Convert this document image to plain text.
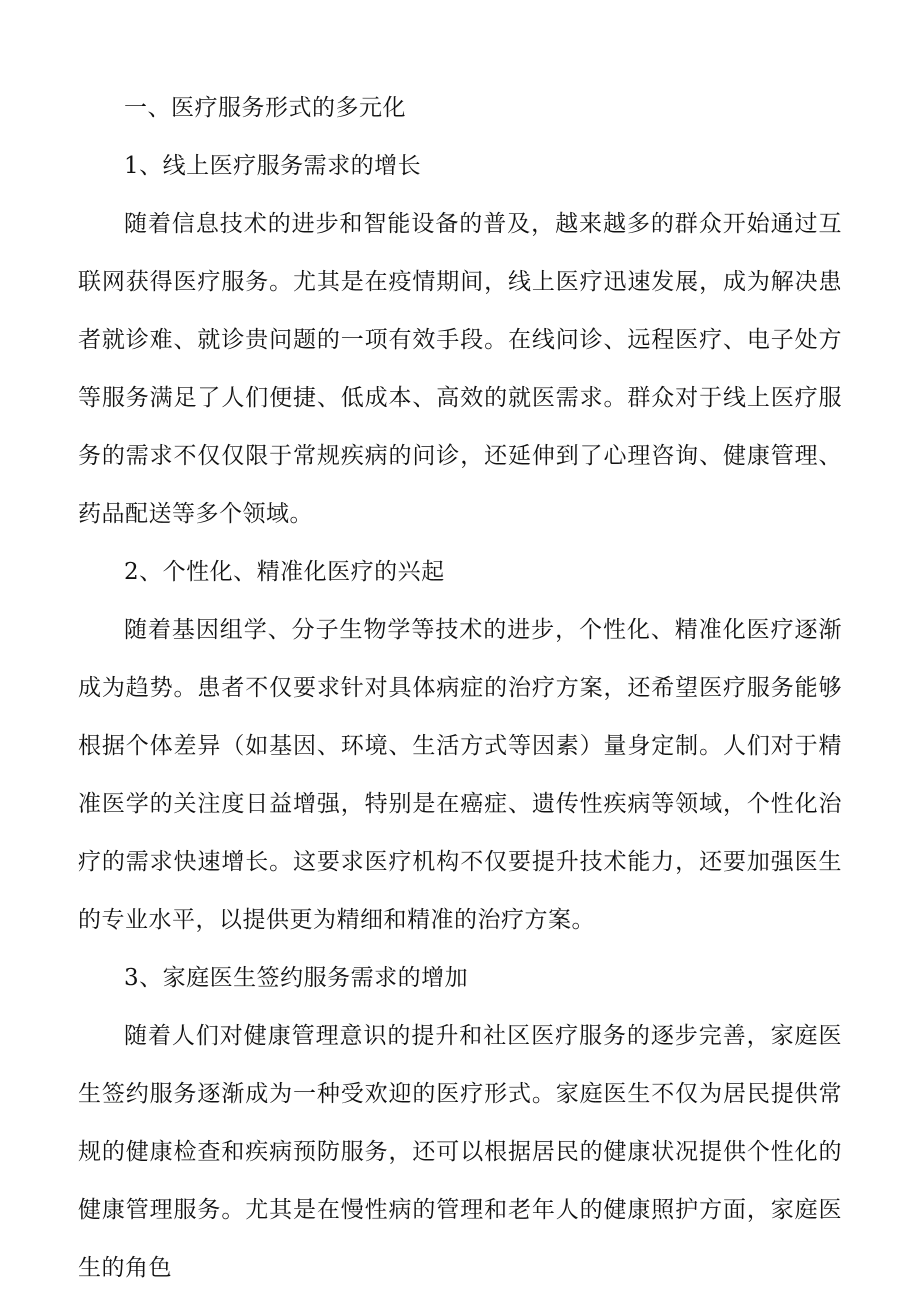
一、医疗服务形式的多元化
1、线上医疗服务需求的增长

随着信息技术的进步和智能设备的普及，越来越多的群众开始通过互联网获得医疗服务。尤其是在疫情期间，线上医疗迅速发展，成为解决患者就诊难、就诊贵问题的一项有效手段。在线问诊、远程医疗、电子处方等服务满足了人们便捷、低成本、高效的就医需求。群众对于线上医疗服务的需求不仅仅限于常规疾病的问诊，还延伸到了心理咨询、健康管理、药品配送等多个领域。

2、个性化、精准化医疗的兴起

随着基因组学、分子生物学等技术的进步，个性化、精准化医疗逐渐成为趋势。患者不仅要求针对具体病症的治疗方案，还希望医疗服务能够根据个体差异（如基因、环境、生活方式等因素）量身定制。人们对于精准医学的关注度日益增强，特别是在癌症、遗传性疾病等领域，个性化治疗的需求快速增长。这要求医疗机构不仅要提升技术能力，还要加强医生的专业水平，以提供更为精细和精准的治疗方案。

3、家庭医生签约服务需求的增加

随着人们对健康管理意识的提升和社区医疗服务的逐步完善，家庭医生签约服务逐渐成为一种受欢迎的医疗形式。家庭医生不仅为居民提供常规的健康检查和疾病预防服务，还可以根据居民的健康状况提供个性化的健康管理服务。尤其是在慢性病的管理和老年人的健康照护方面，家庭医生的角色
